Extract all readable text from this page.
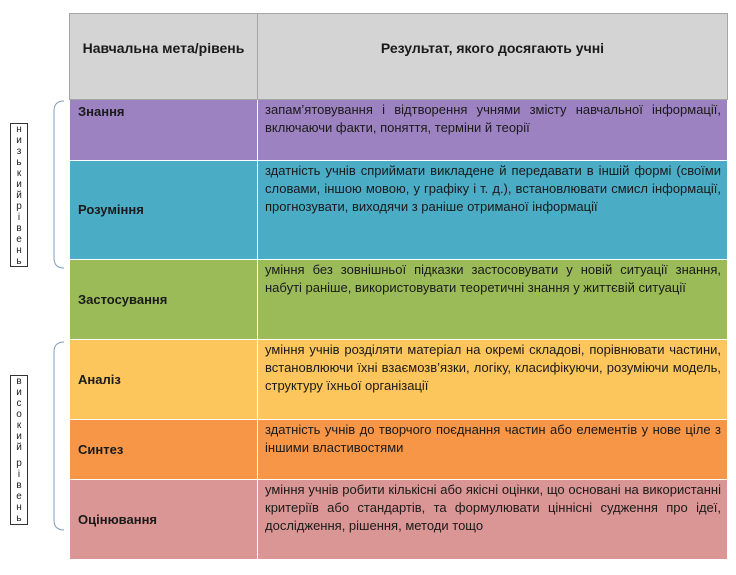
н
и
з
ь
к
и
й
р
і
в
е
н
ь
в
и
с
о
к
и
й
р
і
в
е
н
ь
Навчальна мета/рівень	Результат, якого досягають учні
Знання	запам’ятовування і відтворення учнями змісту навчальної інформації, включаючи факти, поняття, терміни й теорії
Розуміння	здатність учнів сприймати викладене й передавати в іншій формі (своїми словами, іншою мовою, у графіку і т. д.), встановлювати смисл інформації, прогнозувати, виходячи з раніше отриманої інформації
Застосування	уміння без зовнішньої підказки застосовувати у новій ситуації знання, набуті раніше, використовувати теоретичні знання у життєвій ситуації
Аналіз	уміння учнів розділяти матеріал на окремі складові, порівнювати частини, встановлюючи їхні взаємозв’язки, логіку, класифікуючи, розуміючи модель, структуру їхньої організації
Синтез	здатність учнів до творчого поєднання частин або елементів у нове ціле з іншими властивостями
Оцінювання	уміння учнів робити кількісні або якісні оцінки, що основані на використанні критеріїв або стандартів, та формулювати ціннісні судження про ідеї, дослідження, рішення, методи тощо
